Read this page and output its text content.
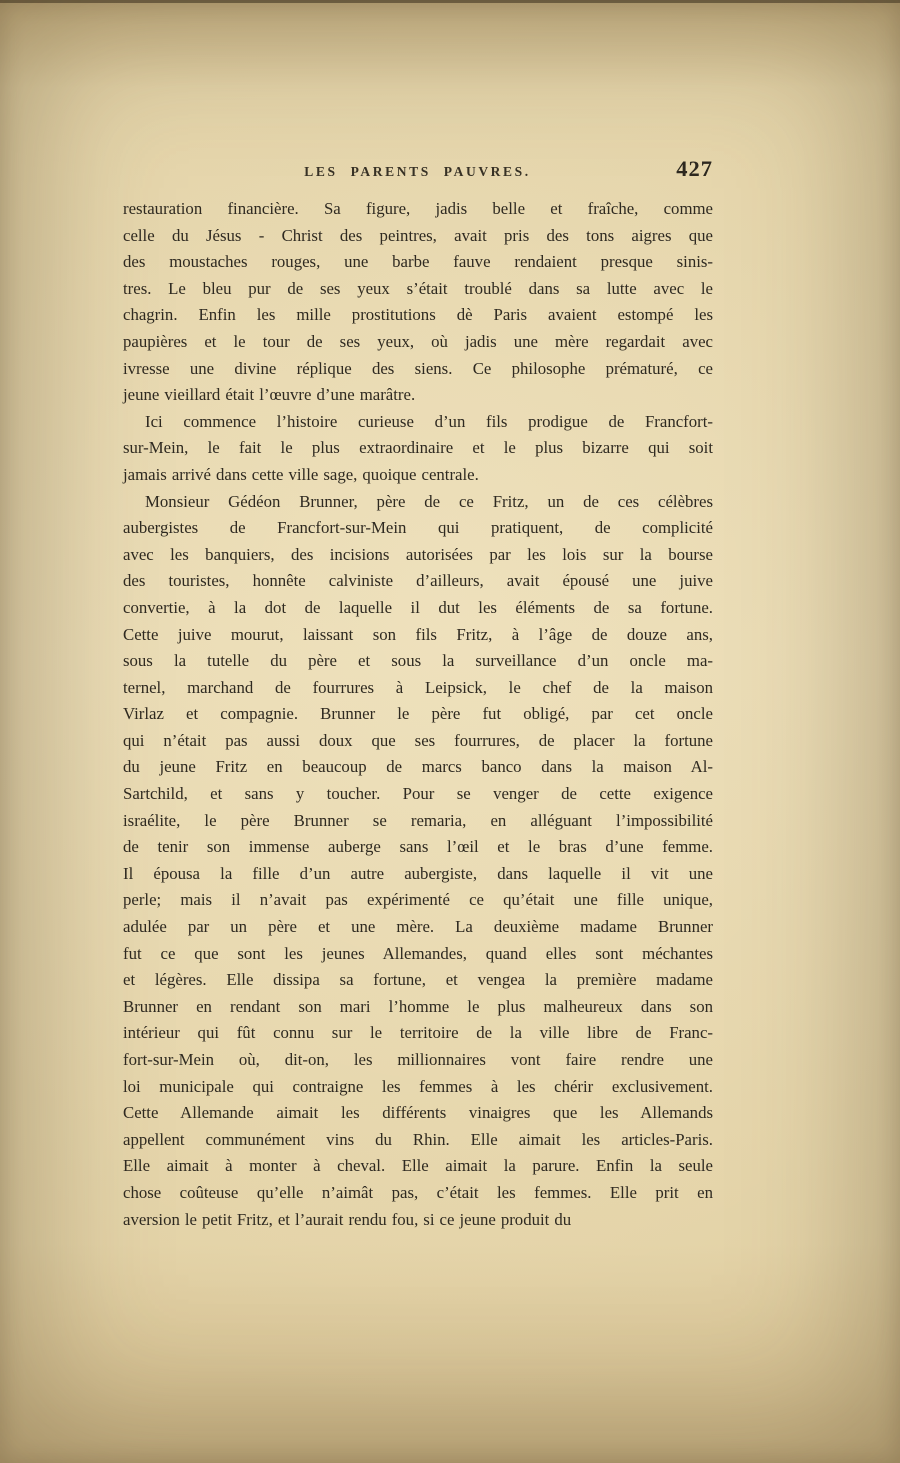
LES PARENTS PAUVRES.	427
restauration financière. Sa figure, jadis belle et fraîche, comme
celle du Jésus - Christ des peintres, avait pris des tons aigres que
des moustaches rouges, une barbe fauve rendaient presque sinis-
tres. Le bleu pur de ses yeux s’était troublé dans sa lutte avec le
chagrin. Enfin les mille prostitutions dè Paris avaient estompé les
paupières et le tour de ses yeux, où jadis une mère regardait avec
ivresse une divine réplique des siens. Ce philosophe prématuré, ce
jeune vieillard était l’œuvre d’une marâtre.
Ici commence l’histoire curieuse d’un fils prodigue de Francfort-
sur-Mein, le fait le plus extraordinaire et le plus bizarre qui soit
jamais arrivé dans cette ville sage, quoique centrale.
Monsieur Gédéon Brunner, père de ce Fritz, un de ces célèbres
aubergistes de Francfort-sur-Mein qui pratiquent, de complicité
avec les banquiers, des incisions autorisées par les lois sur la bourse
des touristes, honnête calviniste d’ailleurs, avait épousé une juive
convertie, à la dot de laquelle il dut les éléments de sa fortune.
Cette juive mourut, laissant son fils Fritz, à l’âge de douze ans,
sous la tutelle du père et sous la surveillance d’un oncle ma-
ternel, marchand de fourrures à Leipsick, le chef de la maison
Virlaz et compagnie. Brunner le père fut obligé, par cet oncle
qui n’était pas aussi doux que ses fourrures, de placer la fortune
du jeune Fritz en beaucoup de marcs banco dans la maison Al-
Sartchild, et sans y toucher. Pour se venger de cette exigence
israélite, le père Brunner se remaria, en alléguant l’impossibilité
de tenir son immense auberge sans l’œil et le bras d’une femme.
Il épousa la fille d’un autre aubergiste, dans laquelle il vit une
perle; mais il n’avait pas expérimenté ce qu’était une fille unique,
adulée par un père et une mère. La deuxième madame Brunner
fut ce que sont les jeunes Allemandes, quand elles sont méchantes
et légères. Elle dissipa sa fortune, et vengea la première madame
Brunner en rendant son mari l’homme le plus malheureux dans son
intérieur qui fût connu sur le territoire de la ville libre de Franc-
fort-sur-Mein où, dit-on, les millionnaires vont faire rendre une
loi municipale qui contraigne les femmes à les chérir exclusivement.
Cette Allemande aimait les différents vinaigres que les Allemands
appellent communément vins du Rhin. Elle aimait les articles-Paris.
Elle aimait à monter à cheval. Elle aimait la parure. Enfin la seule
chose coûteuse qu’elle n’aimât pas, c’était les femmes. Elle prit en
aversion le petit Fritz, et l’aurait rendu fou, si ce jeune produit du
